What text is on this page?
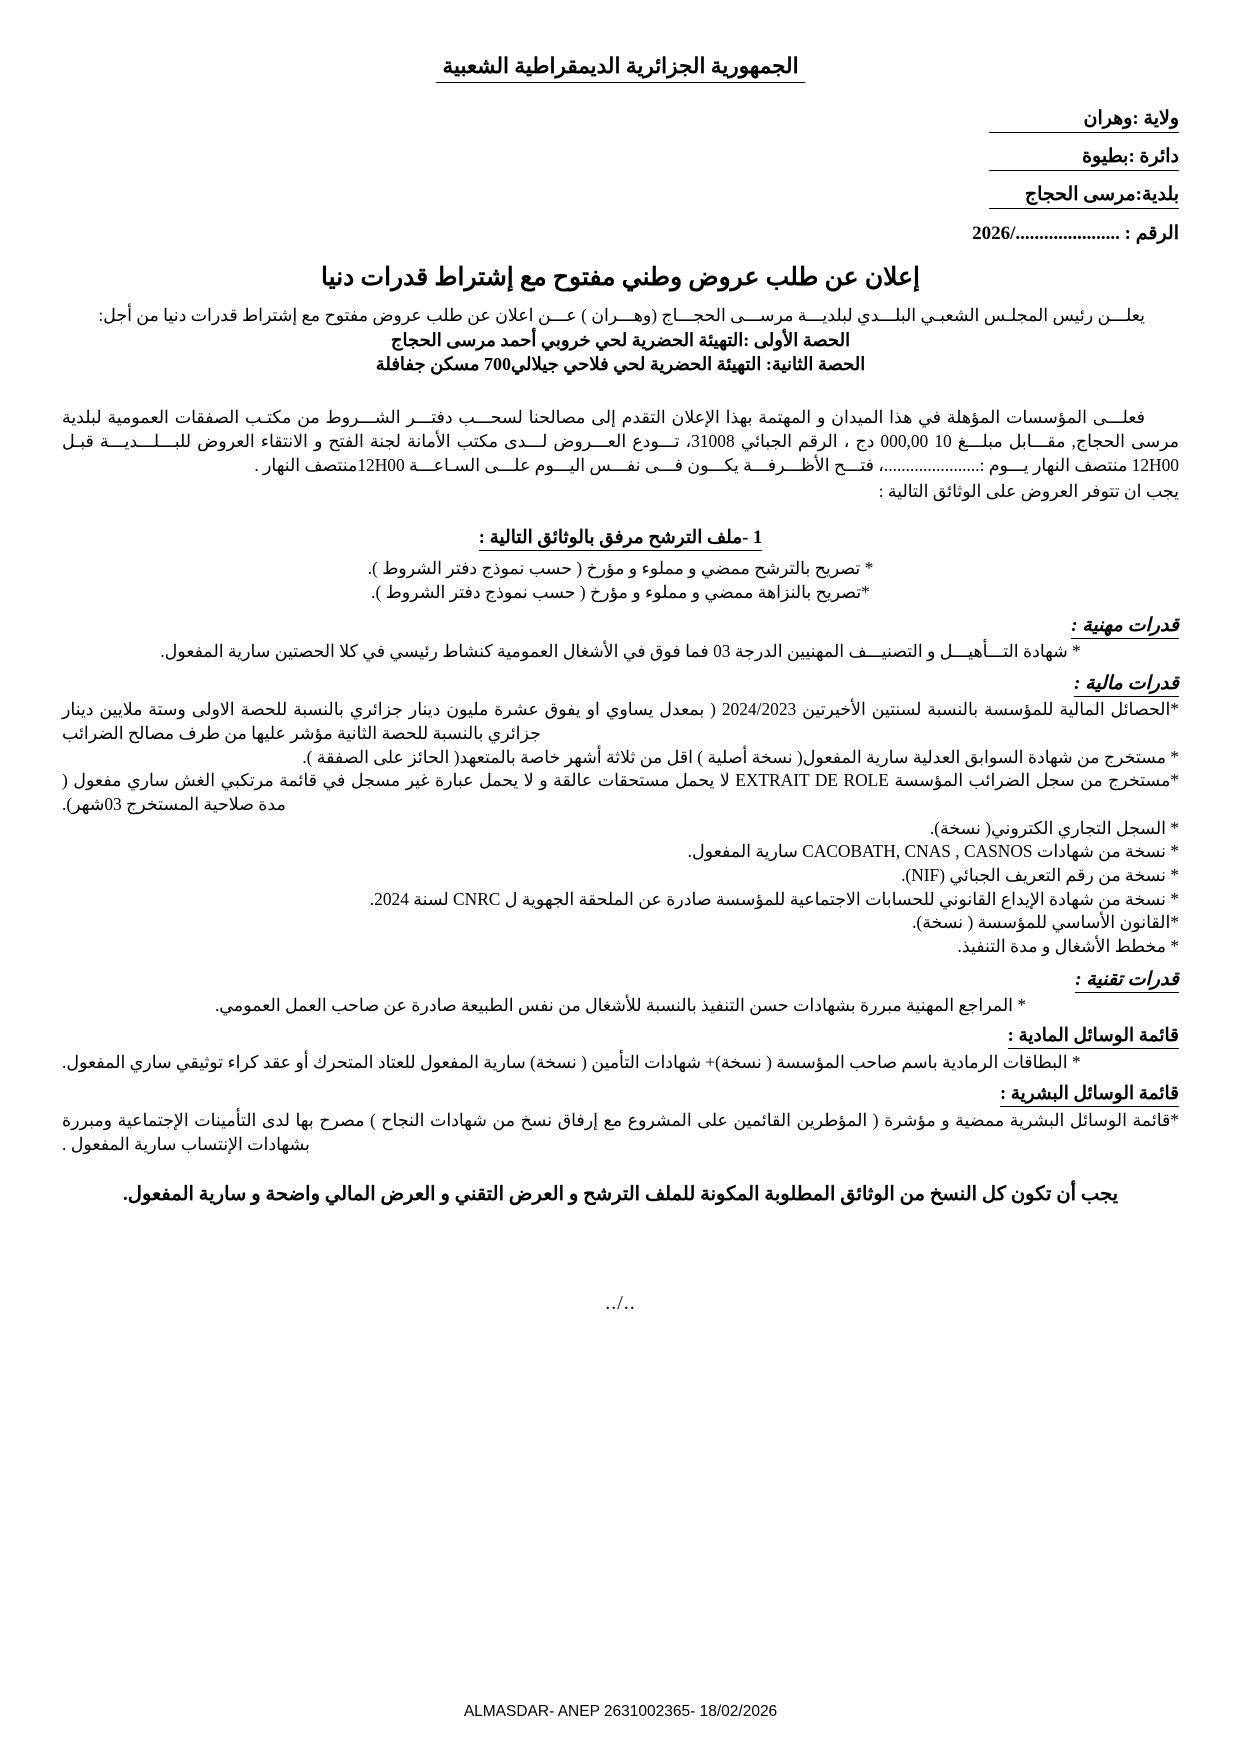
الجمهورية الجزائرية الديمقراطية الشعبية
ولاية :وهران
دائرة :بطيوة
بلدية:مرسى الحجاج
الرقم : ....................../2026
إعلان عن طلب عروض وطني مفتوح مع إشتراط قدرات دنيا
يعلـــن رئيس المجلـس الشعبـي البلـــدي لبلديـــة مرســـى الحجـــاج (وهـــران ) عـــن اعلان عن طلب عروض مفتوح مع إشتراط قدرات دنيا من أجل:
الحصة الأولى :التهيئة الحضرية لحي خروبي أحمد مرسى الحجاج
الحصة الثانية: التهيئة الحضرية لحي فلاحي جيلالي700 مسكن جفافلة
فعلـــى المؤسسات المؤهلة في هذا الميدان و المهتمة بهذا الإعلان التقدم إلى مصالحنا لسحـــب دفتـــر الشـــروط من مكتـب الصفقات العمومية لبلدية مرسى الحجاج, مقـــابل مبلـــغ 10 000,00 دج ، الرقم الجبائي 31008، تـــودع العـــروض لـــدى مكتب الأمانة لجنة الفتح و الانتقاء العروض للبـــلـــديـــة قبـل 12H00 منتصف النهار يـــوم :......................، فتـــح الأظـــرفـــة يكـــون فـــى نفـــس اليـــوم علـــى السـاعـــة 12H00منتصف النهار .
يجب ان تتوفر العروض على الوثائق التالية :
1 -ملف الترشح مرفق بالوثائق التالية :
* تصريح بالترشح ممضي و مملوء و مؤرخ ( حسب نموذج دفتر الشروط ).
*تصريح بالنزاهة ممضي و مملوء و مؤرخ ( حسب نموذج دفتر الشروط ).
قدرات مهنية :
* شهادة التـــأهيـــل و التصنيـــف المهنيين الدرجة 03 فما فوق في الأشغال العمومية كنشاط رئيسي في كلا الحصتين سارية المفعول.
قدرات مالية :
*الحصائل المالية للمؤسسة بالنسبة لسنتين الأخيرتين 2024/2023 ( بمعدل يساوي او يفوق عشرة مليون دينار جزائري بالنسبة للحصة الاولى وستة ملايين دينار جزائري بالنسبة للحصة الثانية مؤشر عليها من طرف مصالح الضرائب
* مستخرج من شهادة السوابق العدلية سارية المفعول( نسخة أصلية ) اقل من ثلاثة أشهر خاصة بالمتعهد( الحائز على الصفقة ).
*مستخرج من سجل الضرائب المؤسسة EXTRAIT DE ROLE لا يحمل مستحقات عالقة و لا يحمل عبارة غير مسجل في قائمة مرتكبي الغش ساري مفعول ( مدة صلاحية المستخرج 03شهر).
* السجل التجاري الكتروني( نسخة).
* نسخة من شهادات CACOBATH, CNAS , CASNOS سارية المفعول.
* نسخة من رقم التعريف الجبائي (NIF).
* نسخة من شهادة الإيداع القانوني للحسابات الاجتماعية للمؤسسة صادرة عن الملحقة الجهوية ل CNRC لسنة 2024.
*القانون الأساسي للمؤسسة ( نسخة).
* مخطط الأشغال و مدة التنفيذ.
قدرات تقنية :
* المراجع المهنية مبررة بشهادات حسن التنفيذ بالنسبة للأشغال من نفس الطبيعة صادرة عن صاحب العمل العمومي.
قائمة الوسائل المادية :
* البطاقات الرمادية باسم صاحب المؤسسة ( نسخة)+ شهادات التأمين ( نسخة) سارية المفعول للعتاد المتحرك أو عقد كراء توثيقي ساري المفعول.
قائمة الوسائل البشرية :
*قائمة الوسائل البشرية ممضية و مؤشرة ( المؤطرين القائمين على المشروع مع إرفاق نسخ من شهادات النجاح ) مصرح بها لدى التأمينات الإجتماعية ومبررة بشهادات الإنتساب سارية المفعول .
يجب أن تكون كل النسخ من الوثائق المطلوبة المكونة للملف الترشح و العرض التقني و العرض المالي واضحة و سارية المفعول.
../..
ALMASDAR- ANEP 2631002365- 18/02/2026
